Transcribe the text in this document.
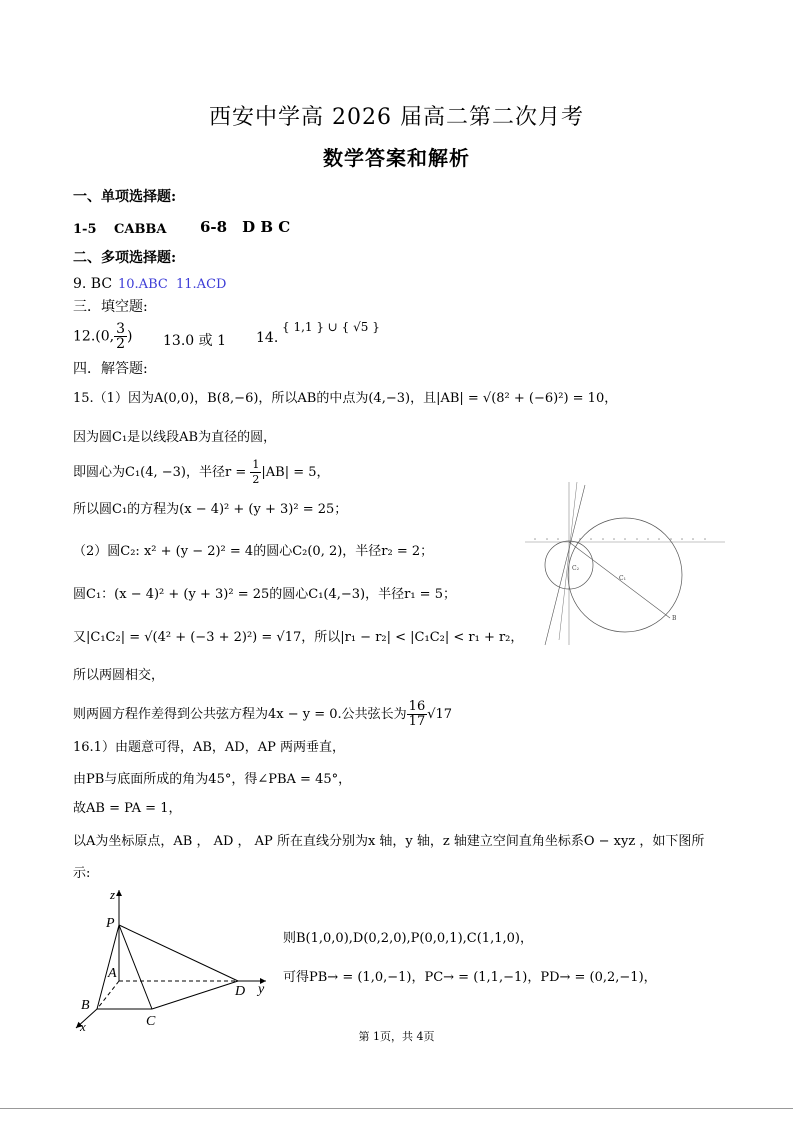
西安中学高 2026 届高二第二次月考
数学答案和解析
一、单项选择题:
1-5　 CABBA 6-8　D B C
二、多项选择题:
9. BC 10.ABC 11.ACD
三．填空题:
12.(0, $\frac{3}{2}$ ) 13.0 或 1 14.
{ 1,1 } ∪ { √5 }
四．解答题:
15.（1）因为A(0,0)，B(8,−6)，所以AB的中点为(4,−3)，且|AB| = √(8² + (−6)²) = 10，
因为圆C₁是以线段AB为直径的圆，
即圆心为C₁(4, −3)，半径$r = \frac{1}{2} |AB| = 5$，
所以圆C₁的方程为(x − 4)² + (y + 3)² = 25；
（2）圆C₂: x² + (y − 2)² = 4的圆心C₂(0, 2)，半径r₂ = 2；
圆C₁：(x − 4)² + (y + 3)² = 25的圆心C₁(4,−3)，半径r₁ = 5；
又|C₁C₂| = √(4² + (−3 + 2)²) = √17，所以|r₁ − r₂| < |C₁C₂| < r₁ + r₂，
所以两圆相交，
则两圆方程作差得到公共弦方程为4x − y = 0.公共弦长为 $\frac{16}{17} √17$
16.1）由题意可得，AB，AD，AP 两两垂直，
由PB与底面所成的角为45°，得∠PBA = 45°，
故AB = PA = 1，
以A为坐标原点，AB ， AD ， AP 所在直线分别为x 轴，y 轴，z 轴建立空间直角坐标系O − xyz ，如下图所
示:
则B(1,0,0),D(0,2,0),P(0,0,1),C(1,1,0)，
可得PB→ = (1,0,−1)，PC→ = (1,1,−1)，PD→ = (0,2,−1)，
C₂
C₁
B
z
P
A
B
C
D y
x
第 1页，共 4页
